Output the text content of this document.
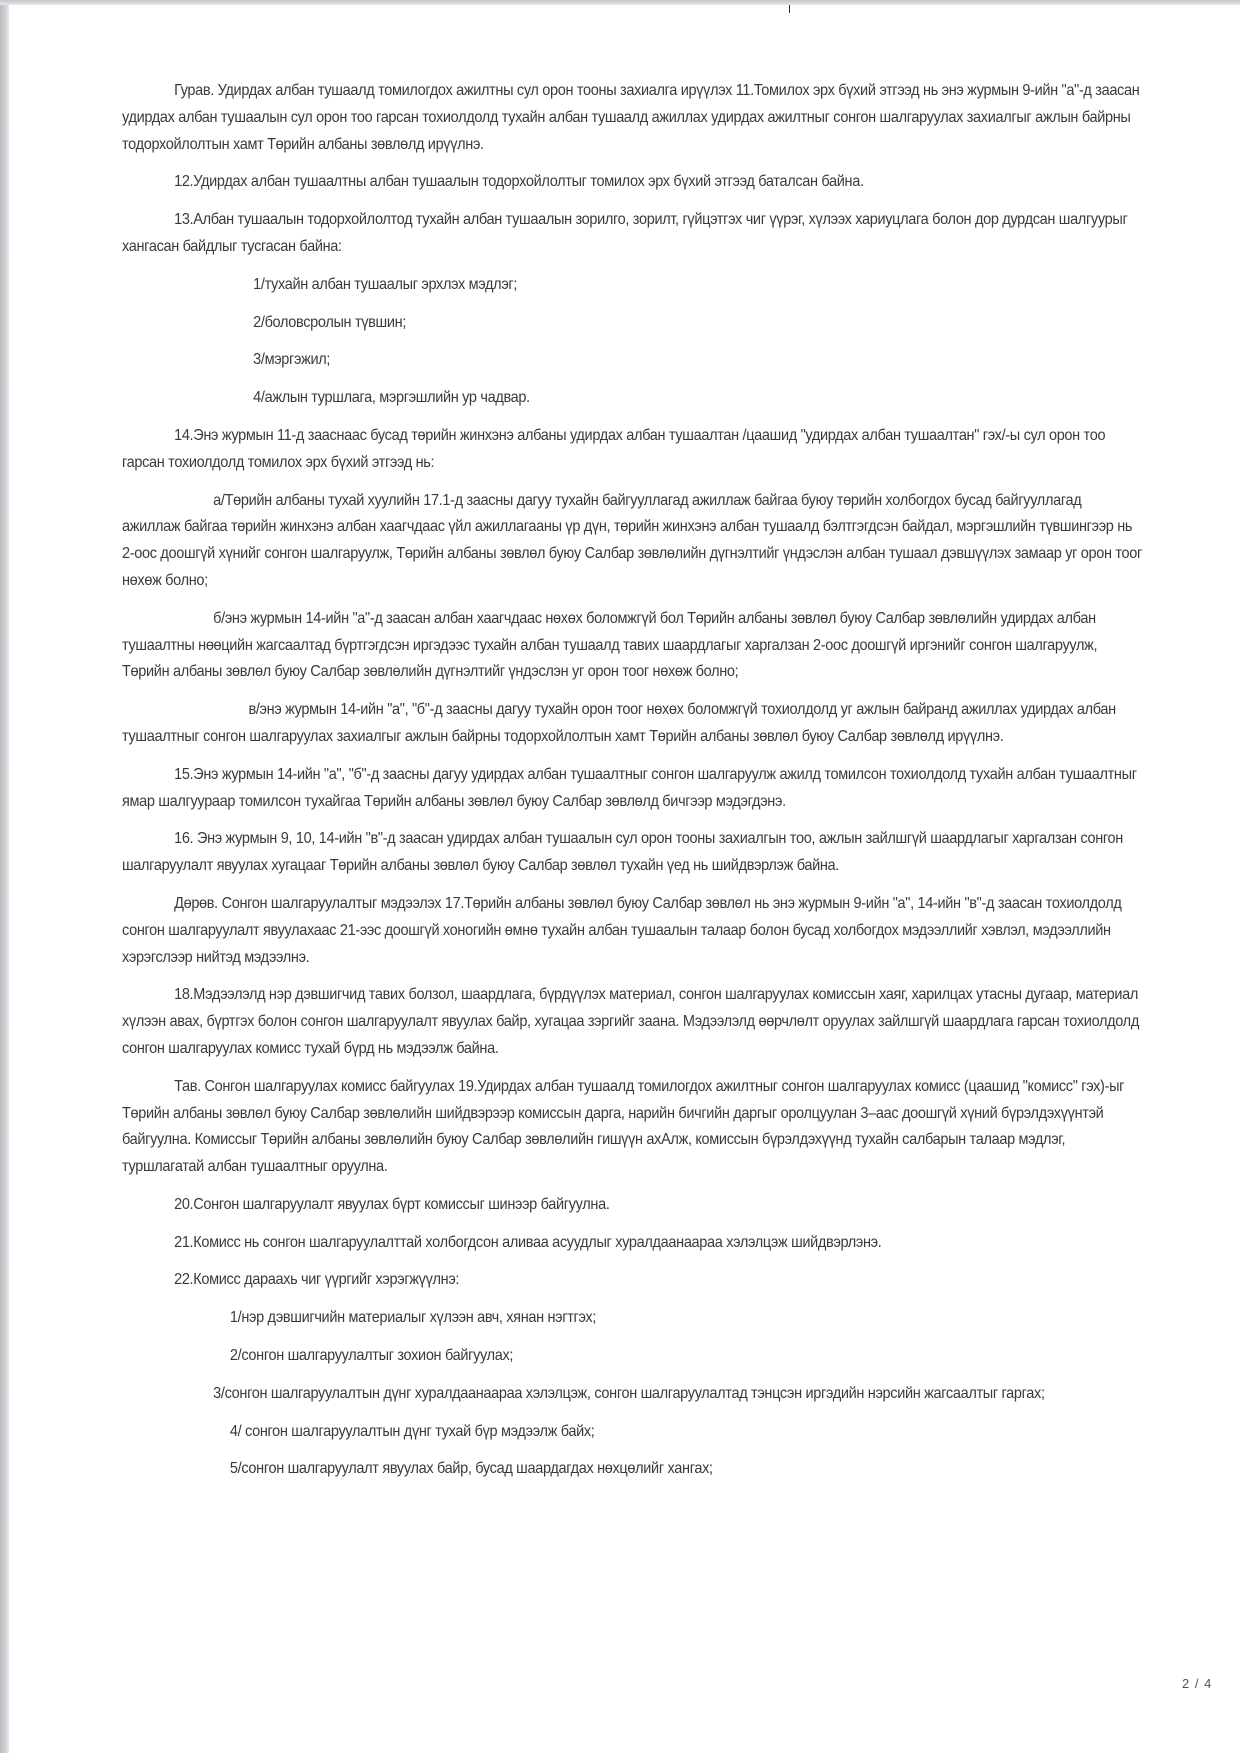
Гурав. Удирдах албан тушаалд томилогдох ажилтны сул орон тооны захиалга ирүүлэх 11.Томилох эрх бүхий этгээд нь энэ журмын 9-ийн "а"-д заасан удирдах албан тушаалын сул орон тоо гарсан тохиолдолд тухайн албан тушаалд ажиллах удирдах ажилтныг сонгон шалгаруулах захиалгыг ажлын байрны тодорхойлолтын хамт Төрийн албаны зөвлөлд ирүүлнэ.

12.Удирдах албан тушаалтны албан тушаалын тодорхойлолтыг томилох эрх бүхий этгээд баталсан байна.

13.Албан тушаалын тодорхойлолтод тухайн албан тушаалын зорилго, зорилт, гүйцэтгэх чиг үүрэг, хүлээх хариуцлага болон дор дурдсан шалгуурыг хангасан байдлыг тусгасан байна:

1/тухайн албан тушаалыг эрхлэх мэдлэг;

2/боловсролын түвшин;

3/мэргэжил;

4/ажлын туршлага, мэргэшлийн ур чадвар.

14.Энэ журмын 11-д зааснаас бусад төрийн жинхэнэ албаны удирдах албан тушаалтан /цаашид "удирдах албан тушаалтан" гэх/-ы сул орон тоо гарсан тохиолдолд томилох эрх бүхий этгээд нь:

а/Төрийн албаны тухай хуулийн 17.1-д заасны дагуу тухайн байгууллагад ажиллаж байгаа буюу төрийн холбогдох бусад байгууллагад ажиллаж байгаа төрийн жинхэнэ албан хаагчдаас үйл ажиллагааны үр дүн, төрийн жинхэнэ албан тушаалд бэлтгэгдсэн байдал, мэргэшлийн түвшингээр нь 2-оос доошгүй хүнийг сонгон шалгаруулж, Төрийн албаны зөвлөл буюу Салбар зөвлөлийн дүгнэлтийг үндэслэн албан тушаал дэвшүүлэх замаар уг орон тоог нөхөж болно;

б/энэ журмын 14-ийн "а"-д заасан албан хаагчдаас нөхөх боломжгүй бол Төрийн албаны зөвлөл буюу Салбар зөвлөлийн удирдах албан тушаалтны нөөцийн жагсаалтад бүртгэгдсэн иргэдээс тухайн албан тушаалд тавих шаардлагыг харгалзан 2-оос доошгүй иргэнийг сонгон шалгаруулж, Төрийн албаны зөвлөл буюу Салбар зөвлөлийн дүгнэлтийг үндэслэн уг орон тоог нөхөж болно;

в/энэ журмын 14-ийн "а", "б"-д заасны дагуу тухайн орон тоог нөхөх боломжгүй тохиолдолд уг ажлын байранд ажиллах удирдах албан тушаалтныг сонгон шалгаруулах захиалгыг ажлын байрны тодорхойлолтын хамт Төрийн албаны зөвлөл буюу Салбар зөвлөлд ирүүлнэ.

15.Энэ журмын 14-ийн "а", "б"-д заасны дагуу удирдах албан тушаалтныг сонгон шалгаруулж ажилд томилсон тохиолдолд тухайн албан тушаалтныг ямар шалгуураар томилсон тухайгаа Төрийн албаны зөвлөл буюу Салбар зөвлөлд бичгээр мэдэгдэнэ.

16. Энэ журмын 9, 10, 14-ийн "в"-д заасан удирдах албан тушаалын сул орон тооны захиалгын тоо, ажлын зайлшгүй шаардлагыг харгалзан сонгон шалгаруулалт явуулах хугацааг Төрийн албаны зөвлөл буюу Салбар зөвлөл тухайн үед нь шийдвэрлэж байна.

Дөрөв. Сонгон шалгаруулалтыг мэдээлэх 17.Төрийн албаны зөвлөл буюу Салбар зөвлөл нь энэ журмын 9-ийн "а", 14-ийн "в"-д заасан тохиолдолд сонгон шалгаруулалт явуулахаас 21-ээс доошгүй хоногийн өмнө тухайн албан тушаалын талаар болон бусад холбогдох мэдээллийг хэвлэл, мэдээллийн хэрэгслээр нийтэд мэдээлнэ.

18.Мэдээлэлд нэр дэвшигчид тавих болзол, шаардлага, бүрдүүлэх материал, сонгон шалгаруулах комиссын хаяг, харилцах утасны дугаар, материал хүлээн авах, бүртгэх болон сонгон шалгаруулалт явуулах байр, хугацаа зэргийг заана. Мэдээлэлд өөрчлөлт оруулах зайлшгүй шаардлага гарсан тохиолдолд сонгон шалгаруулах комисс тухай бүрд нь мэдээлж байна.

Тав. Сонгон шалгаруулах комисс байгуулах 19.Удирдах албан тушаалд томилогдох ажилтныг сонгон шалгаруулах комисс (цаашид "комисс" гэх)-ыг Төрийн албаны зөвлөл буюу Салбар зөвлөлийн шийдвэрээр комиссын дарга, нарийн бичгийн даргыг оролцуулан 3–аас доошгүй хүний бүрэлдэхүүнтэй байгуулна. Комиссыг Төрийн албаны зөвлөлийн буюу Салбар зөвлөлийн гишүүн ахАлж, комиссын бүрэлдэхүүнд тухайн салбарын талаар мэдлэг, туршлагатай албан тушаалтныг оруулна.

20.Сонгон шалгаруулалт явуулах бүрт комиссыг шинээр байгуулна.

21.Комисс нь сонгон шалгаруулалттай холбогдсон аливаа асуудлыг хуралдаанаараа хэлэлцэж шийдвэрлэнэ.

22.Комисс дараахь чиг үүргийг хэрэгжүүлнэ:

1/нэр дэвшигчийн материалыг хүлээн авч, хянан нэгтгэх;

2/сонгон шалгаруулалтыг зохион байгуулах;

3/сонгон шалгаруулалтын дүнг хуралдаанаараа хэлэлцэж, сонгон шалгаруулалтад тэнцсэн иргэдийн нэрсийн жагсаалтыг гаргах;

4/ сонгон шалгаруулалтын дүнг тухай бүр мэдээлж байх;

5/сонгон шалгаруулалт явуулах байр, бусад шаардагдах нөхцөлийг хангах;

2 / 4
